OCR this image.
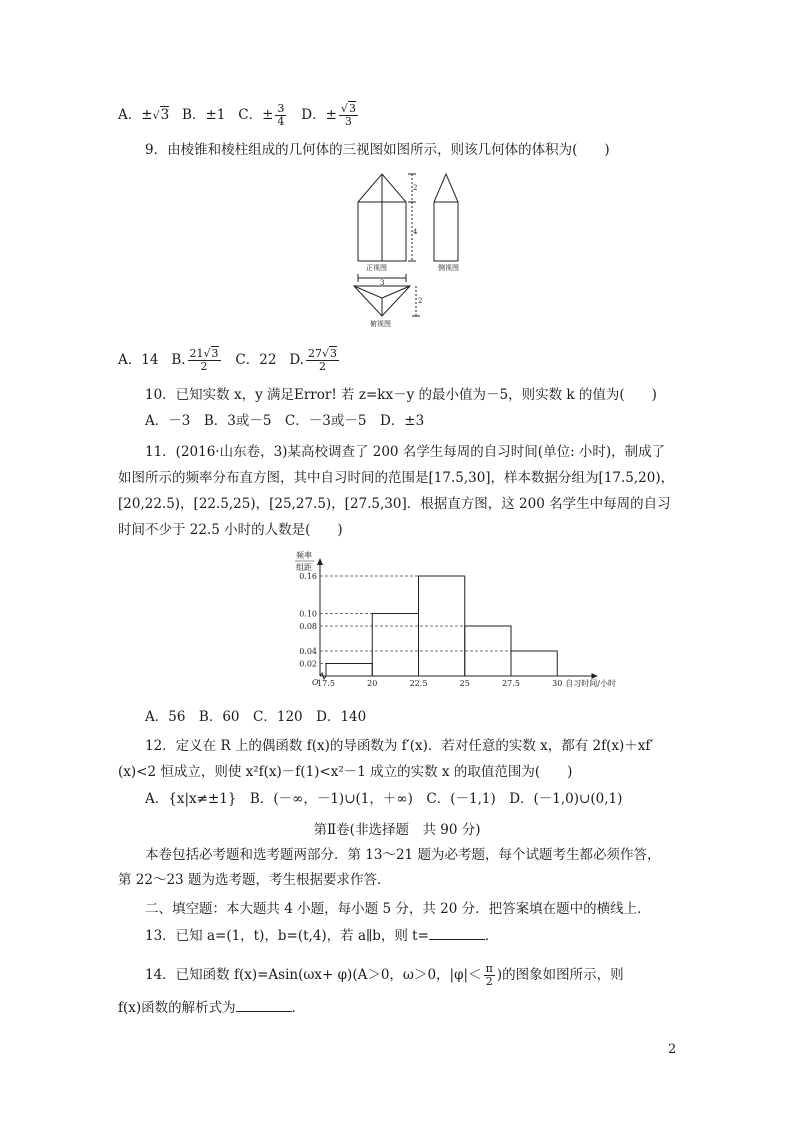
A．±√3 B．±1 C．± $\frac{3}{4}$ D．± $\frac{√3}{3}$
9．由棱锥和棱柱组成的几何体的三视图如图所示，则该几何体的体积为(　　)
2
4
正视图	侧视图
3
2
俯视图
A．14 B. $\frac{21√3}{2}$ C．22 D. $\frac{27√3}{2}$
10．已知实数 x，y 满足Error! 若 z=kx－y 的最小值为－5，则实数 k 的值为(　　)
A．－3　B．3或－5　C．－3或－5　D．±3
11．(2016·山东卷，3)某高校调查了 200 名学生每周的自习时间(单位: 小时)，制成了
如图所示的频率分布直方图，其中自习时间的范围是[17.5,30]，样本数据分组为[17.5,20)，
[20,22.5)，[22.5,25)，[25,27.5)，[27.5,30]．根据直方图，这 200 名学生中每周的自习
时间不少于 22.5 小时的人数是(　　)
0.02
0.04
0.08
0.10
0.16
17.5	20	22.5	25	27.5	30 自习时间/小时
O
频率
组距
A．56　B．60　C．120　D．140
12．定义在 R 上的偶函数 f(x)的导函数为 f′(x)．若对任意的实数 x，都有 2f(x)＋xf′
(x)<2 恒成立，则使 x²f(x)－f(1)<x²－1 成立的实数 x 的取值范围为(　　)
A．{x|x≠±1}　B．(－∞，－1)∪(1，＋∞)　C．(－1,1)　D．(－1,0)∪(0,1)
第Ⅱ卷(非选择题　共 90 分)
本卷包括必考题和选考题两部分．第 13～21 题为必考题，每个试题考生都必须作答，
第 22～23 题为选考题，考生根据要求作答．
二、填空题：本大题共 4 小题，每小题 5 分，共 20 分．把答案填在题中的横线上．
13．已知 a=(1，t)，b=(t,4)，若 a∥b，则 t=	．
14．已知函数 f(x)=Asin(ωx+ φ)(A＞0，ω＞0，$|\varphi|< \frac{\pi}{2}$ )的图象如图所示，则
f(x)函数的解析式为	．
2
